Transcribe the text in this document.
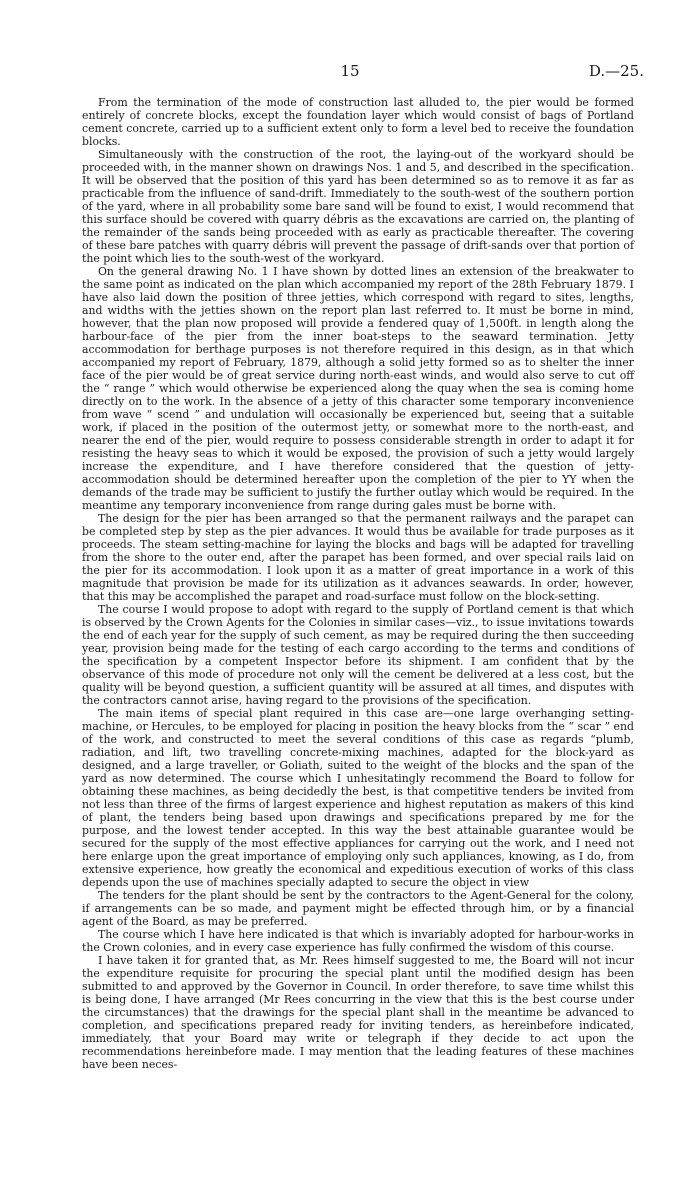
15	D.—25.

From the termination of the mode of construction last alluded to, the pier would be formed entirely of concrete blocks, except the foundation layer which would consist of bags of Portland cement concrete, carried up to a sufficient extent only to form a level bed to receive the foundation blocks.

Simultaneously with the construction of the root, the laying-out of the workyard should be proceeded with, in the manner shown on drawings Nos. 1 and 5, and described in the specification. It will be observed that the position of this yard has been determined so as to remove it as far as practicable from the influence of sand-drift. Immediately to the south-west of the southern portion of the yard, where in all probability some bare sand will be found to exist, I would recommend that this surface should be covered with quarry débris as the excavations are carried on, the planting of the remainder of the sands being proceeded with as early as practicable thereafter. The covering of these bare patches with quarry débris will prevent the passage of drift-sands over that portion of the point which lies to the south-west of the workyard.

On the general drawing No. 1 I have shown by dotted lines an extension of the breakwater to the same point as indicated on the plan which accompanied my report of the 28th February 1879. I have also laid down the position of three jetties, which correspond with regard to sites, lengths, and widths with the jetties shown on the report plan last referred to. It must be borne in mind, however, that the plan now proposed will provide a fendered quay of 1,500ft. in length along the harbour-face of the pier from the inner boat-steps to the seaward termination. Jetty accommodation for berthage purposes is not therefore required in this design, as in that which accompanied my report of February, 1879, although a solid jetty formed so as to shelter the inner face of the pier would be of great service during north-east winds, and would also serve to cut off the “ range ” which would otherwise be experienced along the quay when the sea is coming home directly on to the work. In the absence of a jetty of this character some temporary inconvenience from wave “ scend ” and undulation will occasionally be experienced but, seeing that a suitable work, if placed in the position of the outermost jetty, or somewhat more to the north-east, and nearer the end of the pier, would require to possess considerable strength in order to adapt it for resisting the heavy seas to which it would be exposed, the provision of such a jetty would largely increase the expenditure, and I have therefore considered that the question of jetty-accommodation should be determined hereafter upon the completion of the pier to YY when the demands of the trade may be sufficient to justify the further outlay which would be required. In the meantime any temporary inconvenience from range during gales must be borne with.

The design for the pier has been arranged so that the permanent railways and the parapet can be completed step by step as the pier advances. It would thus be available for trade purposes as it proceeds. The steam setting-machine for laying the blocks and bags will be adapted for travelling from the shore to the outer end, after the parapet has been formed, and over special rails laid on the pier for its accommodation. I look upon it as a matter of great importance in a work of this magnitude that provision be made for its utilization as it advances seawards. In order, however, that this may be accomplished the parapet and road-surface must follow on the block-setting.

The course I would propose to adopt with regard to the supply of Portland cement is that which is observed by the Crown Agents for the Colonies in similar cases—viz., to issue invitations towards the end of each year for the supply of such cement, as may be required during the then succeeding year, provision being made for the testing of each cargo according to the terms and conditions of the specification by a competent Inspector before its shipment. I am confident that by the observance of this mode of procedure not only will the cement be delivered at a less cost, but the quality will be beyond question, a sufficient quantity will be assured at all times, and disputes with the contractors cannot arise, having regard to the provisions of the specification.

The main items of special plant required in this case are—one large overhanging setting-machine, or Hercules, to be employed for placing in position the heavy blocks from the “ scar ” end of the work, and constructed to meet the several conditions of this case as regards “plumb, radiation, and lift, two travelling concrete-mixing machines, adapted for the block-yard as designed, and a large traveller, or Goliath, suited to the weight of the blocks and the span of the yard as now determined. The course which I unhesitatingly recommend the Board to follow for obtaining these machines, as being decidedly the best, is that competitive tenders be invited from not less than three of the firms of largest experience and highest reputation as makers of this kind of plant, the tenders being based upon drawings and specifications prepared by me for the purpose, and the lowest tender accepted. In this way the best attainable guarantee would be secured for the supply of the most effective appliances for carrying out the work, and I need not here enlarge upon the great importance of employing only such appliances, knowing, as I do, from extensive experience, how greatly the economical and expeditious execution of works of this class depends upon the use of machines specially adapted to secure the object in view

The tenders for the plant should be sent by the contractors to the Agent-General for the colony, if arrangements can be so made, and payment might be effected through him, or by a financial agent of the Board, as may be preferred.

The course which I have here indicated is that which is invariably adopted for harbour-works in the Crown colonies, and in every case experience has fully confirmed the wisdom of this course.

I have taken it for granted that, as Mr. Rees himself suggested to me, the Board will not incur the expenditure requisite for procuring the special plant until the modified design has been submitted to and approved by the Governor in Council. In order therefore, to save time whilst this is being done, I have arranged (Mr Rees concurring in the view that this is the best course under the circumstances) that the drawings for the special plant shall in the meantime be advanced to completion, and specifications prepared ready for inviting tenders, as hereinbefore indicated, immediately, that your Board may write or telegraph if they decide to act upon the recommendations hereinbefore made. I may mention that the leading features of these machines have been neces-
